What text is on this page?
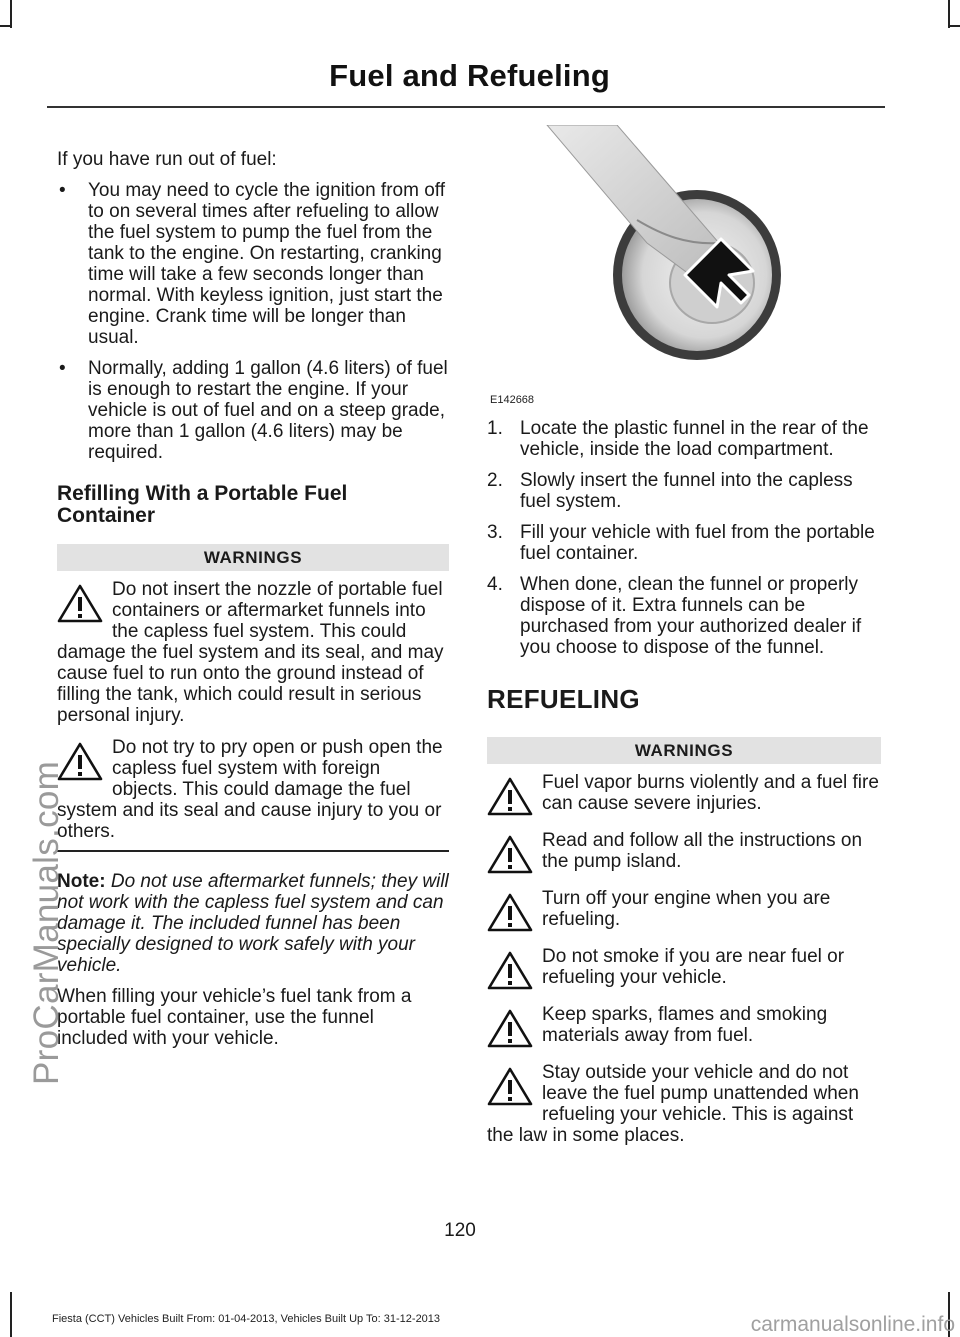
Fuel and Refueling

If you have run out of fuel:

• You may need to cycle the ignition from off to on several times after refueling to allow the fuel system to pump the fuel from the tank to the engine. On restarting, cranking time will take a few seconds longer than normal. With keyless ignition, just start the engine. Crank time will be longer than usual.
• Normally, adding 1 gallon (4.6 liters) of fuel is enough to restart the engine. If your vehicle is out of fuel and on a steep grade, more than 1 gallon (4.6 liters) may be required.

Refilling With a Portable Fuel Container

WARNINGS
Do not insert the nozzle of portable fuel containers or aftermarket funnels into the capless fuel system. This could damage the fuel system and its seal, and may cause fuel to run onto the ground instead of filling the tank, which could result in serious personal injury.
Do not try to pry open or push open the capless fuel system with foreign objects. This could damage the fuel system and its seal and cause injury to you or others.

Note: Do not use aftermarket funnels; they will not work with the capless fuel system and can damage it. The included funnel has been specially designed to work safely with your vehicle.

When filling your vehicle’s fuel tank from a portable fuel container, use the funnel included with your vehicle.

E142668
1. Locate the plastic funnel in the rear of the vehicle, inside the load compartment.
2. Slowly insert the funnel into the capless fuel system.
3. Fill your vehicle with fuel from the portable fuel container.
4. When done, clean the funnel or properly dispose of it. Extra funnels can be purchased from your authorized dealer if you choose to dispose of the funnel.

REFUELING

WARNINGS
Fuel vapor burns violently and a fuel fire can cause severe injuries.
Read and follow all the instructions on the pump island.
Turn off your engine when you are refueling.
Do not smoke if you are near fuel or refueling your vehicle.
Keep sparks, flames and smoking materials away from fuel.
Stay outside your vehicle and do not leave the fuel pump unattended when refueling your vehicle. This is against the law in some places.
120
Fiesta (CCT) Vehicles Built From: 01-04-2013, Vehicles Built Up To: 31-12-2013
ProCarManuals.com
carmanualsonline.info
